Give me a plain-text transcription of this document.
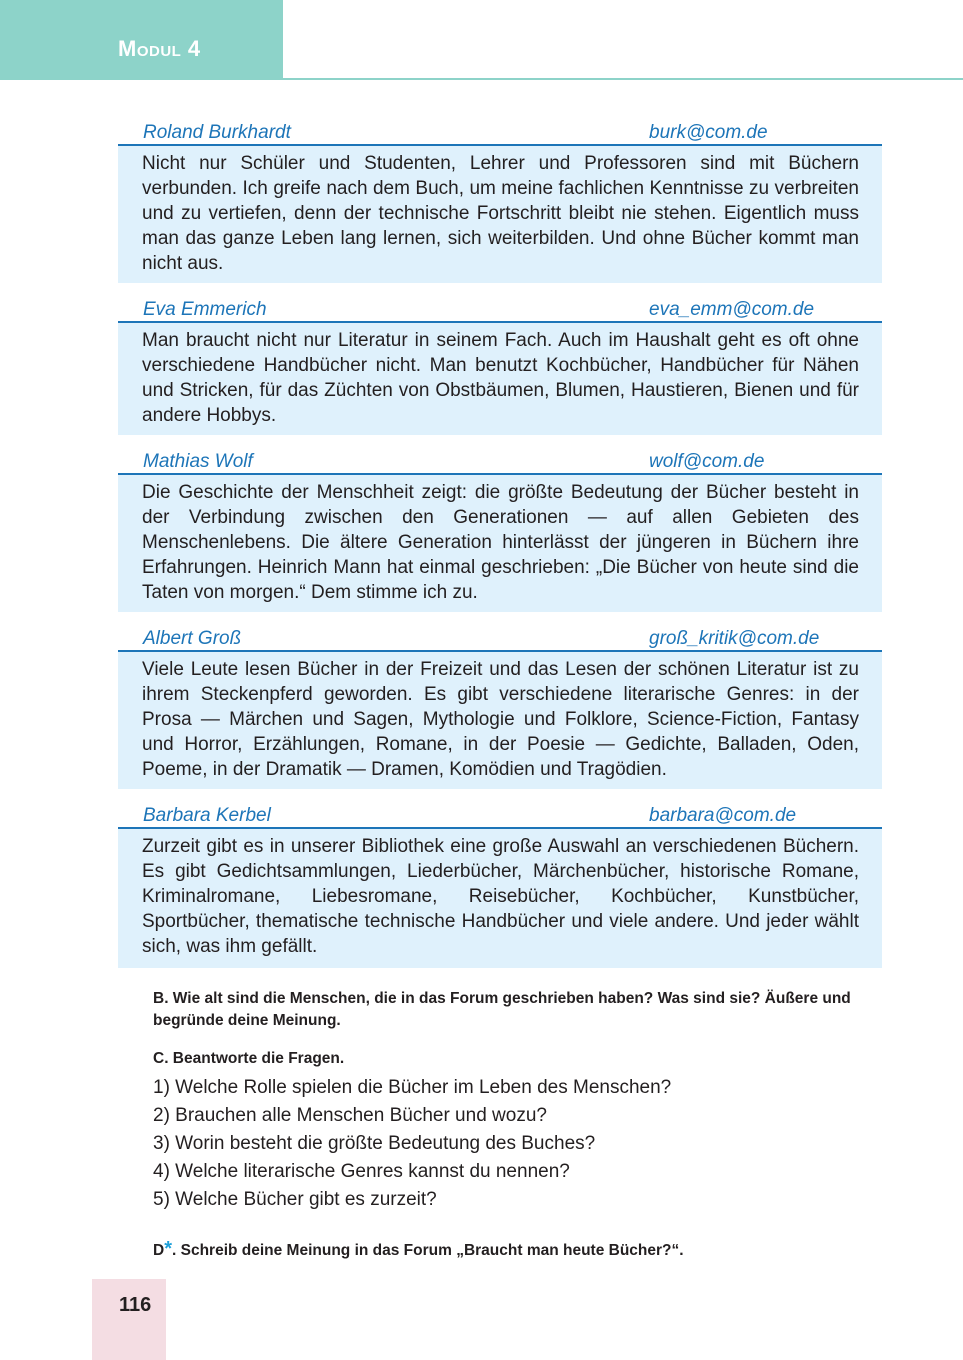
Modul 4
Roland Burkhardt	burk@com.de
Nicht nur Schüler und Studenten, Lehrer und Professoren sind mit Büchern verbunden. Ich greife nach dem Buch, um meine fachlichen Kenntnisse zu verbreiten und zu vertiefen, denn der technische Fortschritt bleibt nie stehen. Eigentlich muss man das ganze Leben lang lernen, sich weiterbilden. Und ohne Bücher kommt man nicht aus.
Eva Emmerich	eva_emm@com.de
Man braucht nicht nur Literatur in seinem Fach. Auch im Haushalt geht es oft ohne verschiedene Handbücher nicht. Man benutzt Kochbücher, Handbücher für Nähen und Stricken, für das Züchten von Obstbäumen, Blumen, Haustieren, Bienen und für andere Hobbys.
Mathias Wolf	wolf@com.de
Die Geschichte der Menschheit zeigt: die größte Bedeutung der Bücher besteht in der Verbindung zwischen den Generationen — auf allen Gebieten des Menschenlebens. Die ältere Generation hinterlässt der jüngeren in Büchern ihre Erfahrungen. Heinrich Mann hat einmal geschrieben: „Die Bücher von heute sind die Taten von morgen.“ Dem stimme ich zu.
Albert Groß	groß_kritik@com.de
Viele Leute lesen Bücher in der Freizeit und das Lesen der schönen Literatur ist zu ihrem Steckenpferd geworden. Es gibt verschiedene literarische Genres: in der Prosa — Märchen und Sagen, Mythologie und Folklore, Science-Fiction, Fantasy und Horror, Erzählungen, Romane, in der Poesie — Gedichte, Balladen, Oden, Poeme, in der Dramatik — Dramen, Komödien und Tragödien.
Barbara Kerbel	barbara@com.de
Zurzeit gibt es in unserer Bibliothek eine große Auswahl an verschiedenen Büchern. Es gibt Gedichtsammlungen, Liederbücher, Märchenbücher, historische Romane, Kriminalromane, Liebesromane, Reisebücher, Kochbücher, Kunstbücher, Sportbücher, thematische technische Handbücher und viele andere. Und jeder wählt sich, was ihm gefällt.

B. Wie alt sind die Menschen, die in das Forum geschrieben haben? Was sind sie? Äußere und begründe deine Meinung.

C. Beantworte die Fragen.

1) Welche Rolle spielen die Bücher im Leben des Menschen?
2) Brauchen alle Menschen Bücher und wozu?
3) Worin besteht die größte Bedeutung des Buches?
4) Welche literarische Genres kannst du nennen?
5) Welche Bücher gibt es zurzeit?

D*. Schreib deine Meinung in das Forum „Braucht man heute Bücher?“.

116
